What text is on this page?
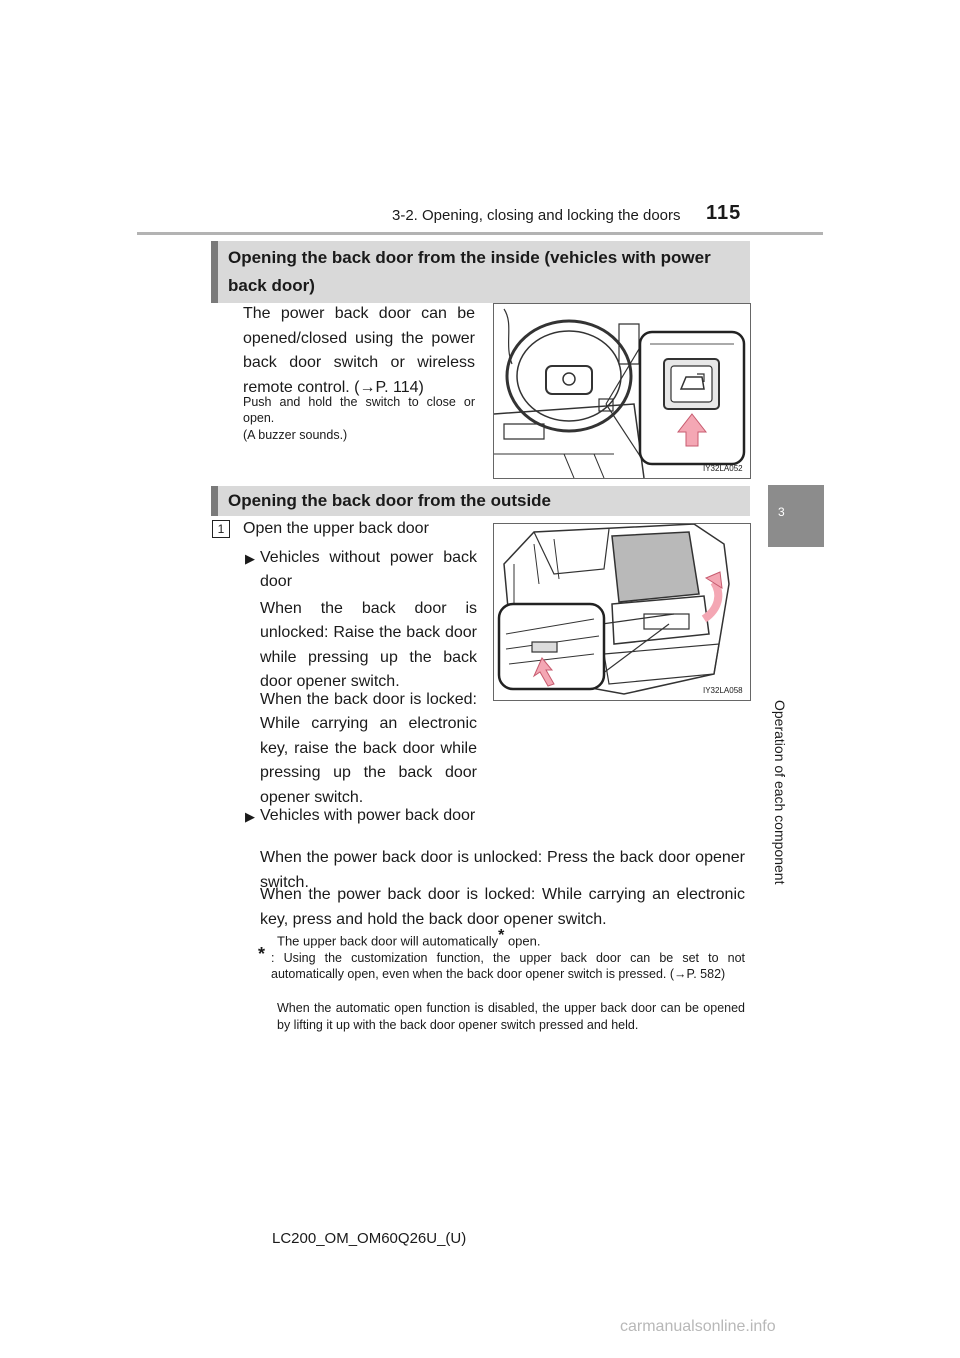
3-2. Opening, closing and locking the doors 115
3
Operation of each component
Opening the back door from the inside (vehicles with power back door)
The power back door can be opened/closed using the power back door switch or wireless remote control. (→P. 114)
Push and hold the switch to close or open.
(A buzzer sounds.)
IY32LA052
Opening the back door from the outside
1	Open the upper back door
▶ Vehicles without power back door
When the back door is unlocked: Raise the back door while pressing up the back door opener switch.
When the back door is locked: While carrying an electronic key, raise the back door while pressing up the back door opener switch.
IY32LA058
▶ Vehicles with power back door
When the power back door is unlocked: Press the back door opener switch.
When the power back door is locked: While carrying an electronic key, press and hold the back door opener switch.
The upper back door will automatically* open.
* : Using the customization function, the upper back door can be set to not automatically open, even when the back door opener switch is pressed. (→P. 582)
When the automatic open function is disabled, the upper back door can be opened by lifting it up with the back door opener switch pressed and held.
LC200_OM_OM60Q26U_(U)
carmanualsonline.info
